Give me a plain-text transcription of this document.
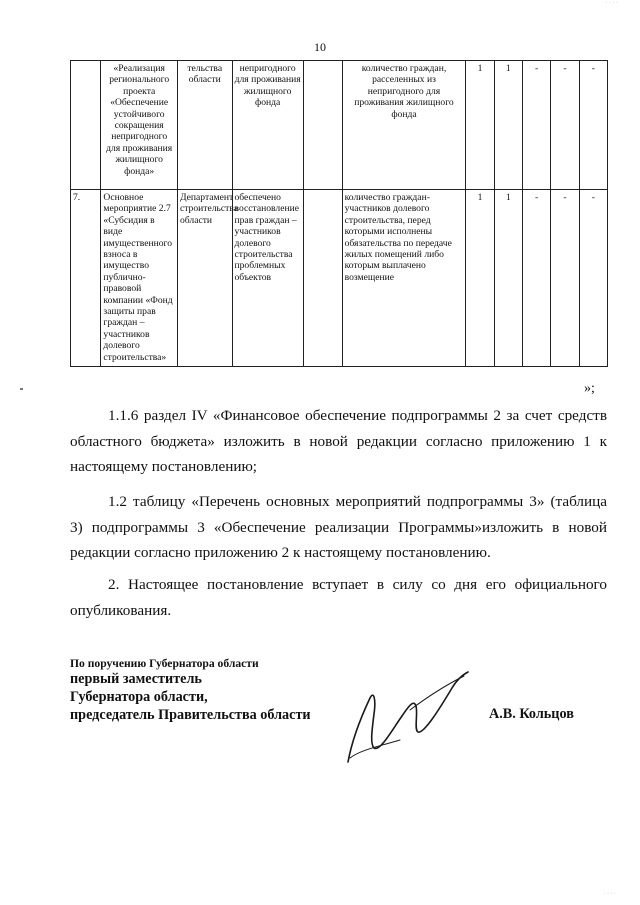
· · · ·
10
	«Реализация регионального проекта «Обеспечение устойчивого сокращения непригодного для проживания жилищного фонда»	тельства области	непригодного для проживания жилищного фонда		количество граждан, расселенных из непригодного для проживания жилищного фонда	1	1	-	-	-
7.	Основное мероприятие 2.7 «Субсидия в виде имущественного взноса в имущество публично-правовой компании «Фонд защиты прав граждан – участников долевого строительства»	Департамент строительства области	обеспечено восстановление прав граждан – участников долевого строительства проблемных объектов		количество граждан-участников долевого строительства, перед которыми исполнены обязательства по передаче жилых помещений либо которым выплачено возмещение	1	1	-	-	-
»;

1.1.6 раздел IV «Финансовое обеспечение подпрограммы 2 за счет средств областного бюджета» изложить в новой редакции согласно приложению 1 к настоящему постановлению;

1.2 таблицу «Перечень основных мероприятий подпрограммы 3» (таблица 3) подпрограммы 3 «Обеспечение реализации Программы»изложить в новой редакции согласно приложению 2 к настоящему постановлению.

2. Настоящее постановление вступает в силу со дня его официального опубликования.

По поручению Губернатора области
первый заместитель
Губернатора области,
председатель Правительства области	А.В. Кольцов
· · · ·
